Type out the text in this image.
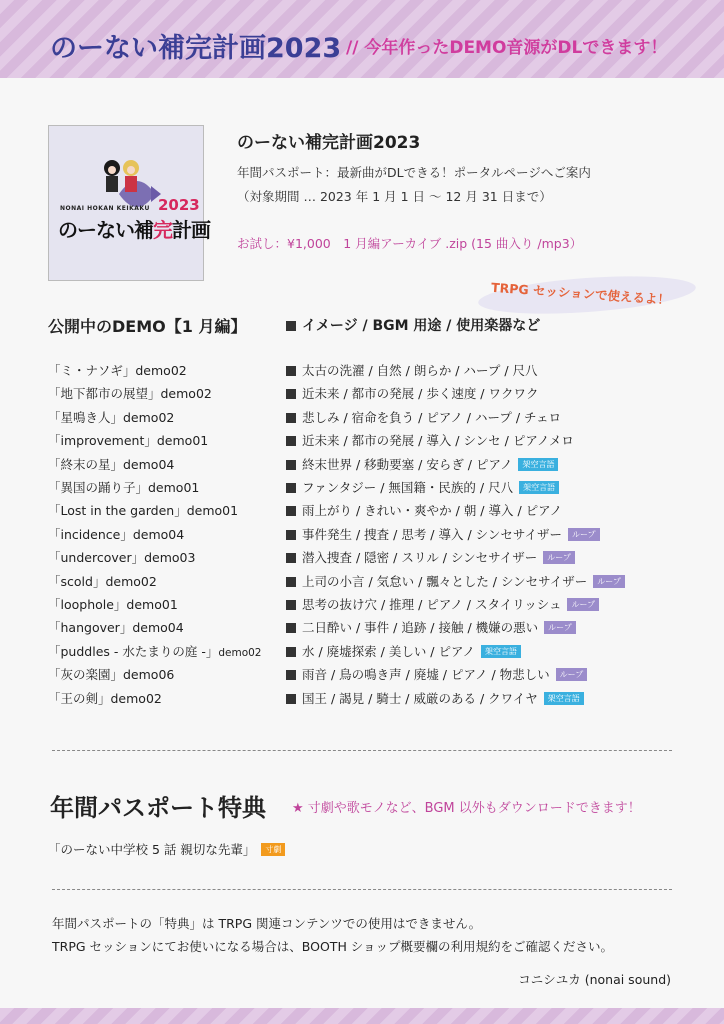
のーない補完計画2023 // 今年作ったDEMO音源がDLできます！
NONAI HOKAN KEIKAKU 2023
のーない補完計画
のーない補完計画2023
年間パスポート：最新曲がDLできる！ポータルページへご案内
（対象期間 … 2023 年 1 月 1 日 〜 12 月 31 日まで）
お試し：¥1,000　1 月編アーカイブ .zip (15 曲入り /mp3）
TRPG セッションで使えるよ！
公開中のDEMO【1 月編】	イメージ / BGM 用途 / 使用楽器など
「ミ・ナソギ」demo02	太古の洗濯 / 自然 / 朗らか / ハープ / 尺八
「地下都市の展望」demo02	近未来 / 都市の発展 / 歩く速度 / ワクワク
「星鳴き人」demo02	悲しみ / 宿命を負う / ピアノ / ハープ / チェロ
「improvement」demo01	近未来 / 都市の発展 / 導入 / シンセ / ピアノメロ
「終末の星」demo04	終末世界 / 移動要塞 / 安らぎ / ピアノ 架空言語
「異国の踊り子」demo01	ファンタジー / 無国籍・民族的 / 尺八 架空言語
「Lost in the garden」demo01	雨上がり / きれい・爽やか / 朝 / 導入 / ピアノ
「incidence」demo04	事件発生 / 捜査 / 思考 / 導入 / シンセサイザー ループ
「undercover」demo03	潜入捜査 / 隠密 / スリル / シンセサイザー ループ
「scold」demo02	上司の小言 / 気怠い / 飄々とした / シンセサイザー ループ
「loophole」demo01	思考の抜け穴 / 推理 / ピアノ / スタイリッシュ ループ
「hangover」demo04	二日酔い / 事件 / 追跡 / 接触 / 機嫌の悪い ループ
「puddles - 水たまりの庭 -」demo02	水 / 廃墟探索 / 美しい / ピアノ 架空言語
「灰の楽園」demo06	雨音 / 鳥の鳴き声 / 廃墟 / ピアノ / 物悲しい ループ
「王の剣」demo02	国王 / 謁見 / 騎士 / 威厳のある / クワイヤ 架空言語
年間パスポート特典 ★ 寸劇や歌モノなど、BGM 以外もダウンロードできます！
「のーない中学校 5 話 親切な先輩」 寸劇
年間パスポートの「特典」は TRPG 関連コンテンツでの使用はできません。
TRPG セッションにてお使いになる場合は、BOOTH ショップ概要欄の利用規約をご確認ください。
コニシユカ (nonai sound)
